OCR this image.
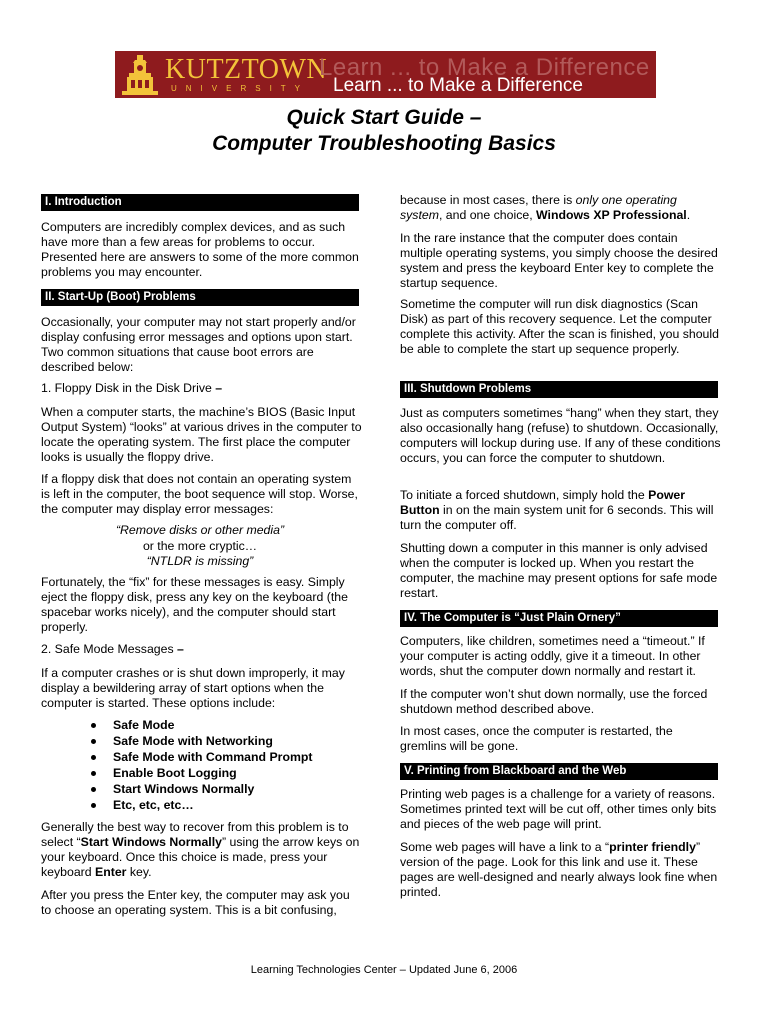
KUTZTOWN
UNIVERSITY
Learn ... to Make a Difference
Learn ... to Make a Difference
Quick Start Guide –
Computer Troubleshooting Basics
I. Introduction

Computers are incredibly complex devices, and as such have more than a few areas for problems to occur. Presented here are answers to some of the more common problems you may encounter.

II. Start-Up (Boot) Problems

Occasionally, your computer may not start properly and/or display confusing error messages and options upon start. Two common situations that cause boot errors are described below:

1. Floppy Disk in the Disk Drive –

When a computer starts, the machine’s BIOS (Basic Input Output System) “looks” at various drives in the computer to locate the operating system. The first place the computer looks is usually the floppy drive.

If a floppy disk that does not contain an operating system is left in the computer, the boot sequence will stop. Worse, the computer may display error messages:

“Remove disks or other media”

or the more cryptic…

“NTLDR is missing”

Fortunately, the “fix” for these messages is easy. Simply eject the floppy disk, press any key on the keyboard (the spacebar works nicely), and the computer should start properly.

2. Safe Mode Messages –

If a computer crashes or is shut down improperly, it may display a bewildering array of start options when the computer is started. These options include:

Safe Mode
Safe Mode with Networking
Safe Mode with Command Prompt
Enable Boot Logging
Start Windows Normally
Etc, etc, etc…

Generally the best way to recover from this problem is to select “Start Windows Normally” using the arrow keys on your keyboard. Once this choice is made, press your keyboard Enter key.

After you press the Enter key, the computer may ask you to choose an operating system. This is a bit confusing,

because in most cases, there is only one operating system, and one choice, Windows XP Professional.

In the rare instance that the computer does contain multiple operating systems, you simply choose the desired system and press the keyboard Enter key to complete the startup sequence.

Sometime the computer will run disk diagnostics (Scan Disk) as part of this recovery sequence. Let the computer complete this activity. After the scan is finished, you should be able to complete the start up sequence properly.

III. Shutdown Problems

Just as computers sometimes “hang” when they start, they also occasionally hang (refuse) to shutdown. Occasionally, computers will lockup during use. If any of these conditions occurs, you can force the computer to shutdown.

To initiate a forced shutdown, simply hold the Power Button in on the main system unit for 6 seconds. This will turn the computer off.

Shutting down a computer in this manner is only advised when the computer is locked up. When you restart the computer, the machine may present options for safe mode restart.

IV. The Computer is “Just Plain Ornery”

Computers, like children, sometimes need a “timeout.” If your computer is acting oddly, give it a timeout. In other words, shut the computer down normally and restart it.

If the computer won’t shut down normally, use the forced shutdown method described above.

In most cases, once the computer is restarted, the gremlins will be gone.

V. Printing from Blackboard and the Web

Printing web pages is a challenge for a variety of reasons. Sometimes printed text will be cut off, other times only bits and pieces of the web page will print.

Some web pages will have a link to a “printer friendly” version of the page. Look for this link and use it. These pages are well-designed and nearly always look fine when printed.

Learning Technologies Center – Updated June 6, 2006
